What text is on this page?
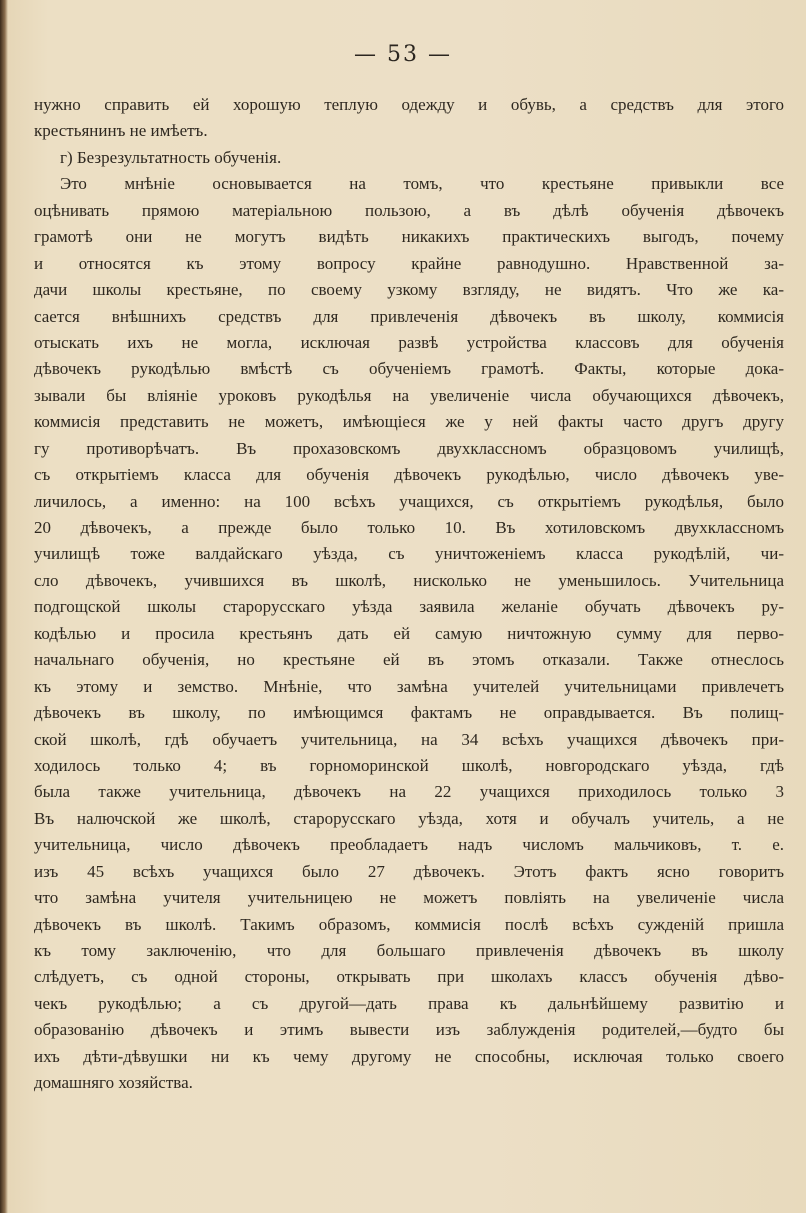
— 53 —
нужно справить ей хорошую теплую одежду и обувь, а средствъ для этого
крестьянинъ не имѣетъ.
г) Безрезультатность обученія.
Это мнѣніе основывается на томъ, что крестьяне привыкли все
оцѣнивать прямою матеріальною пользою, а въ дѣлѣ обученія дѣвочекъ
грамотѣ они не могутъ видѣть никакихъ практическихъ выгодъ, почему
и относятся къ этому вопросу крайне равнодушно. Нравственной за-
дачи школы крестьяне, по своему узкому взгляду, не видятъ. Что же ка-
сается внѣшнихъ средствъ для привлеченія дѣвочекъ въ школу, коммисія
отыскать ихъ не могла, исключая развѣ устройства классовъ для обученія
дѣвочекъ рукодѣлью вмѣстѣ съ обученіемъ грамотѣ. Факты, которые дока-
зывали бы вліяніе уроковъ рукодѣлья на увеличеніе числа обучающихся дѣвочекъ,
коммисія представить не можетъ, имѣющіеся же у ней факты часто другъ другу
гу противорѣчатъ. Въ прохазовскомъ двухклассномъ образцовомъ училищѣ,
съ открытіемъ класса для обученія дѣвочекъ рукодѣлью, число дѣвочекъ уве-
личилось, а именно: на 100 всѣхъ учащихся, съ открытіемъ рукодѣлья, было
20 дѣвочекъ, а прежде было только 10. Въ хотиловскомъ двухклассномъ
училищѣ тоже валдайскаго уѣзда, съ уничтоженіемъ класса рукодѣлій, чи-
сло дѣвочекъ, учившихся въ школѣ, нисколько не уменьшилось. Учительница
подгощской школы старорусскаго уѣзда заявила желаніе обучать дѣвочекъ ру-
кодѣлью и просила крестьянъ дать ей самую ничтожную сумму для перво-
начальнаго обученія, но крестьяне ей въ этомъ отказали. Также отнеслось
къ этому и земство. Мнѣніе, что замѣна учителей учительницами привлечетъ
дѣвочекъ въ школу, по имѣющимся фактамъ не оправдывается. Въ полищ-
ской школѣ, гдѣ обучаетъ учительница, на 34 всѣхъ учащихся дѣвочекъ при-
ходилось только 4; въ горноморинской школѣ, новгородскаго уѣзда, гдѣ
была также учительница, дѣвочекъ на 22 учащихся приходилось только 3
Въ налючской же школѣ, старорусскаго уѣзда, хотя и обучалъ учитель, а не
учительница, число дѣвочекъ преобладаетъ надъ числомъ мальчиковъ, т. е.
изъ 45 всѣхъ учащихся было 27 дѣвочекъ. Этотъ фактъ ясно говоритъ
что замѣна учителя учительницею не можетъ повліять на увеличеніе числа
дѣвочекъ въ школѣ. Такимъ образомъ, коммисія послѣ всѣхъ сужденій пришла
къ тому заключенію, что для большаго привлеченія дѣвочекъ въ школу
слѣдуетъ, съ одной стороны, открывать при школахъ классъ обученія дѣво-
чекъ рукодѣлью; а съ другой—дать права къ дальнѣйшему развитію и
образованію дѣвочекъ и этимъ вывести изъ заблужденія родителей,—будто бы
ихъ дѣти-дѣвушки ни къ чему другому не способны, исключая только своего
домашняго хозяйства.
